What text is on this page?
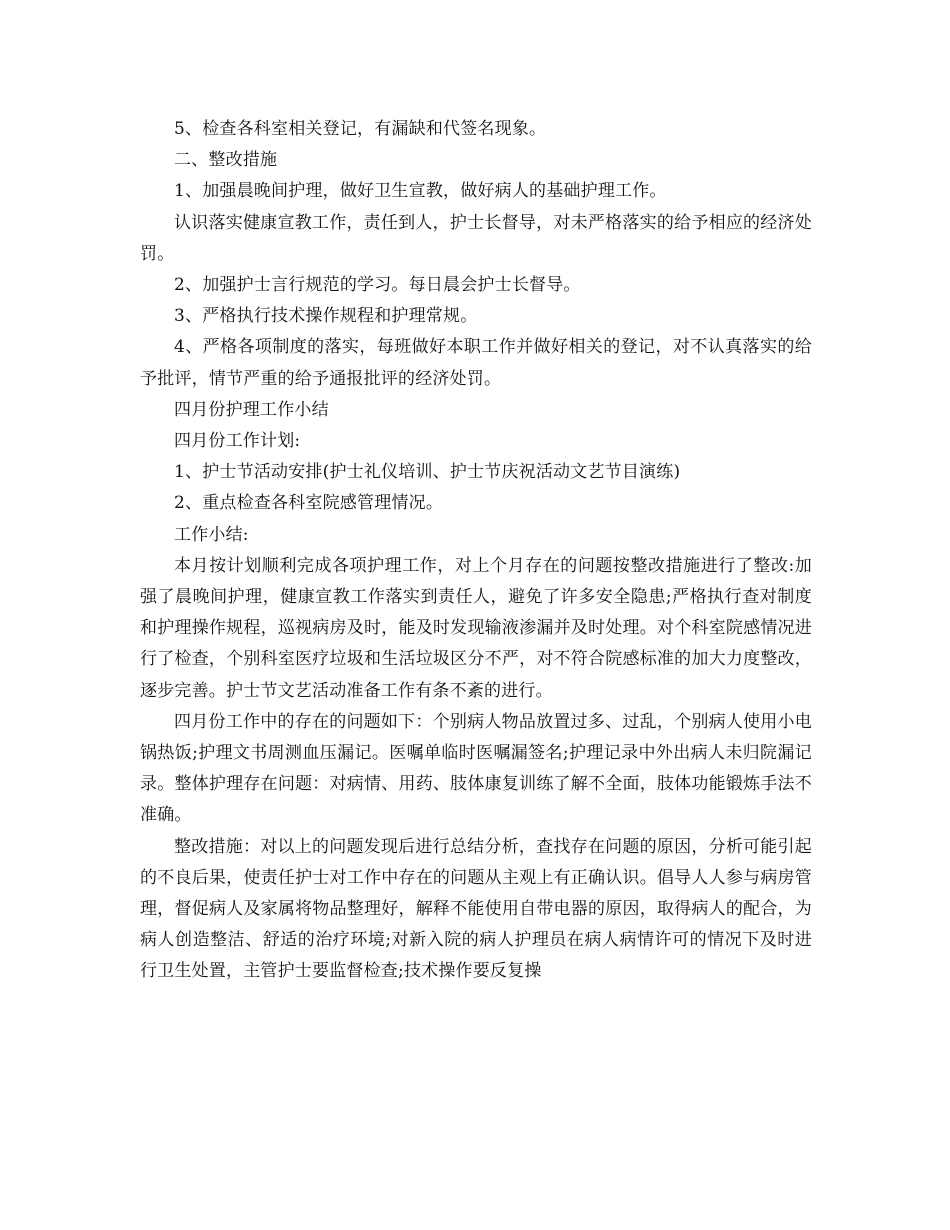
5、检查各科室相关登记，有漏缺和代签名现象。

二、整改措施

1、加强晨晚间护理，做好卫生宣教，做好病人的基础护理工作。

认识落实健康宣教工作，责任到人，护士长督导，对未严格落实的给予相应的经济处罚。

2、加强护士言行规范的学习。每日晨会护士长督导。

3、严格执行技术操作规程和护理常规。

4、严格各项制度的落实，每班做好本职工作并做好相关的登记，对不认真落实的给予批评，情节严重的给予通报批评的经济处罚。

四月份护理工作小结

四月份工作计划:

1、护士节活动安排(护士礼仪培训、护士节庆祝活动文艺节目演练)

2、重点检查各科室院感管理情况。

工作小结:

本月按计划顺利完成各项护理工作，对上个月存在的问题按整改措施进行了整改:加强了晨晚间护理，健康宣教工作落实到责任人，避免了许多安全隐患;严格执行查对制度和护理操作规程，巡视病房及时，能及时发现输液渗漏并及时处理。对个科室院感情况进行了检查，个别科室医疗垃圾和生活垃圾区分不严，对不符合院感标准的加大力度整改，逐步完善。护士节文艺活动准备工作有条不紊的进行。

四月份工作中的存在的问题如下：个别病人物品放置过多、过乱，个别病人使用小电锅热饭;护理文书周测血压漏记。医嘱单临时医嘱漏签名;护理记录中外出病人未归院漏记录。整体护理存在问题：对病情、用药、肢体康复训练了解不全面，肢体功能锻炼手法不准确。

整改措施：对以上的问题发现后进行总结分析，查找存在问题的原因，分析可能引起的不良后果，使责任护士对工作中存在的问题从主观上有正确认识。倡导人人参与病房管理，督促病人及家属将物品整理好，解释不能使用自带电器的原因，取得病人的配合，为病人创造整洁、舒适的治疗环境;对新入院的病人护理员在病人病情许可的情况下及时进行卫生处置，主管护士要监督检查;技术操作要反复操
